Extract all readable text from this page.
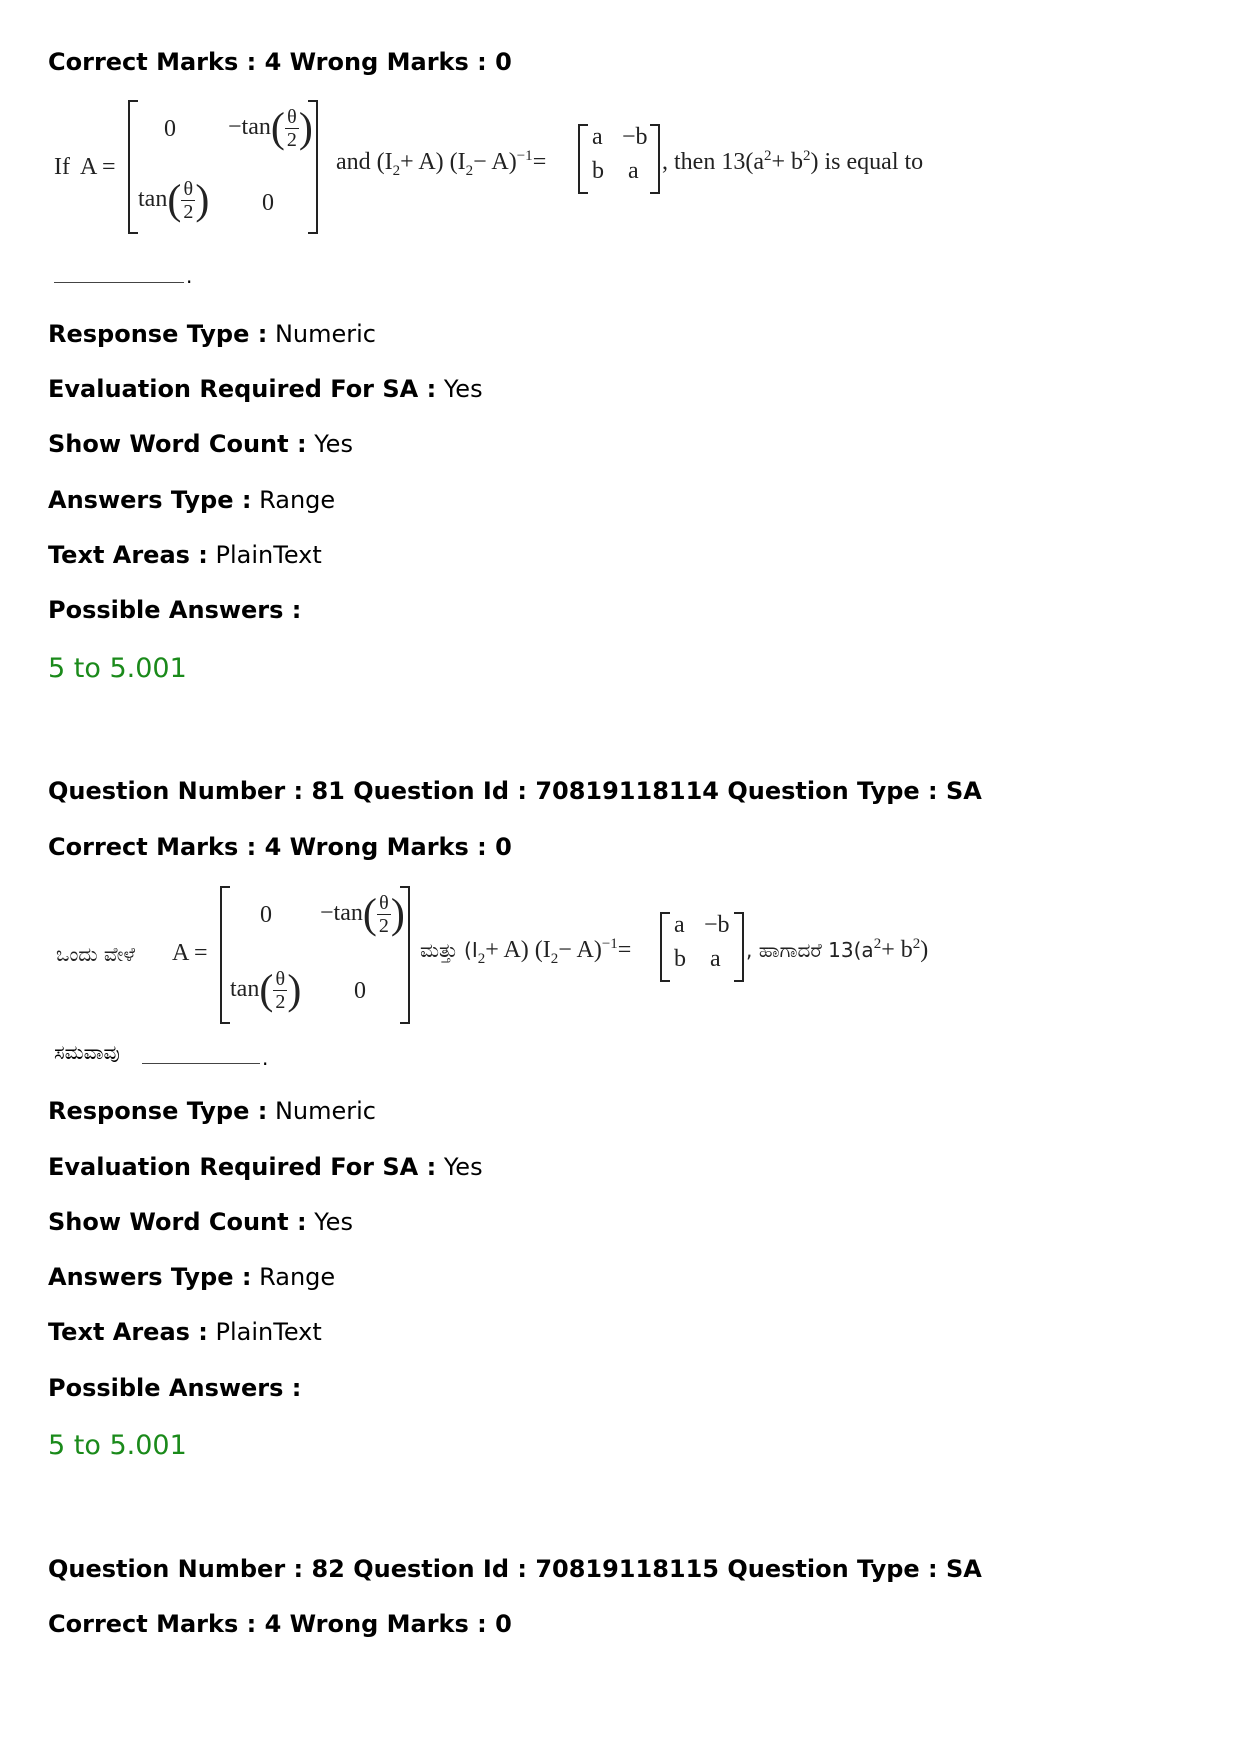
Correct Marks : 4 Wrong Marks : 0

If A =
$0 -\tan( \frac{\theta}{2}$ )
$\tan( \frac{\theta}{2}$ ) 0
and $(I_2+ A)$ $(I_2- A)^{-1}=$
a −b
b a , then $13(a^2+ b^2)$ is equal to
.

Response Type : Numeric

Evaluation Required For SA : Yes

Show Word Count : Yes

Answers Type : Range

Text Areas : PlainText

Possible Answers :

5 to 5.001

Question Number : 81 Question Id : 70819118114 Question Type : SA

Correct Marks : 4 Wrong Marks : 0

ಒಂದು ವೇಳೆ A =
$0 -\tan( \frac{\theta}{2}$ )
$\tan( \frac{\theta}{2}$ ) 0
ಮತ್ತು $(I_2+ A)$ $(I_2- A)^{-1}=$
a −b
b a , ಹಾಗಾದರೆ $13(a^2+ b^2)$
ಸಮವಾವು	.

Response Type : Numeric

Evaluation Required For SA : Yes

Show Word Count : Yes

Answers Type : Range

Text Areas : PlainText

Possible Answers :

5 to 5.001

Question Number : 82 Question Id : 70819118115 Question Type : SA

Correct Marks : 4 Wrong Marks : 0
